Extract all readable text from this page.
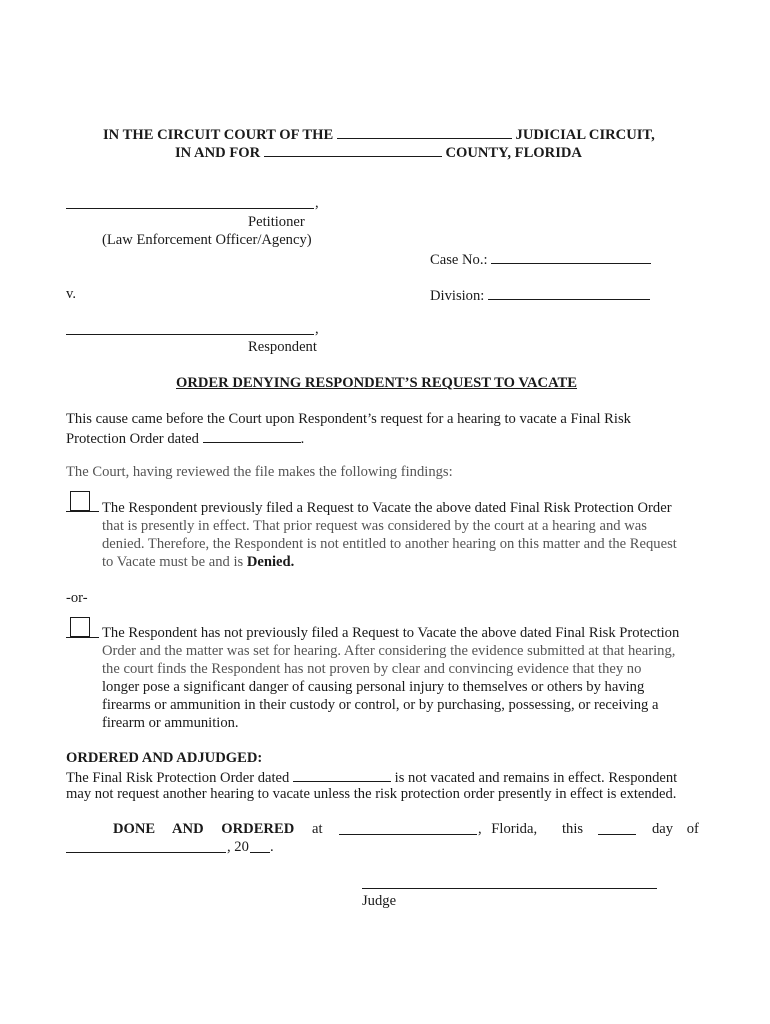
IN THE CIRCUIT COURT OF THE	JUDICIAL CIRCUIT,
IN AND FOR	COUNTY, FLORIDA
,
Petitioner
(Law Enforcement Officer/Agency)
Case No.:
v.	Division:
,
Respondent
ORDER DENYING RESPONDENT’S REQUEST TO VACATE
This cause came before the Court upon Respondent’s request for a hearing to vacate a Final Risk
Protection Order dated	.
The Court, having reviewed the file makes the following findings:
The Respondent previously filed a Request to Vacate the above dated Final Risk Protection Order
that is presently in effect. That prior request was considered by the court at a hearing and was
denied. Therefore, the Respondent is not entitled to another hearing on this matter and the Request
to Vacate must be and is Denied.
-or-
The Respondent has not previously filed a Request to Vacate the above dated Final Risk Protection
Order and the matter was set for hearing. After considering the evidence submitted at that hearing,
the court finds the Respondent has not proven by clear and convincing evidence that they no
longer pose a significant danger of causing personal injury to themselves or others by having
firearms or ammunition in their custody or control, or by purchasing, possessing, or receiving a
firearm or ammunition.
ORDERED AND ADJUDGED:
The Final Risk Protection Order dated	is not vacated and remains in effect. Respondent
may not request another hearing to vacate unless the risk protection order presently in effect is extended.
DONE AND ORDERED at	, Florida, this	day of
, 20 .
Judge
